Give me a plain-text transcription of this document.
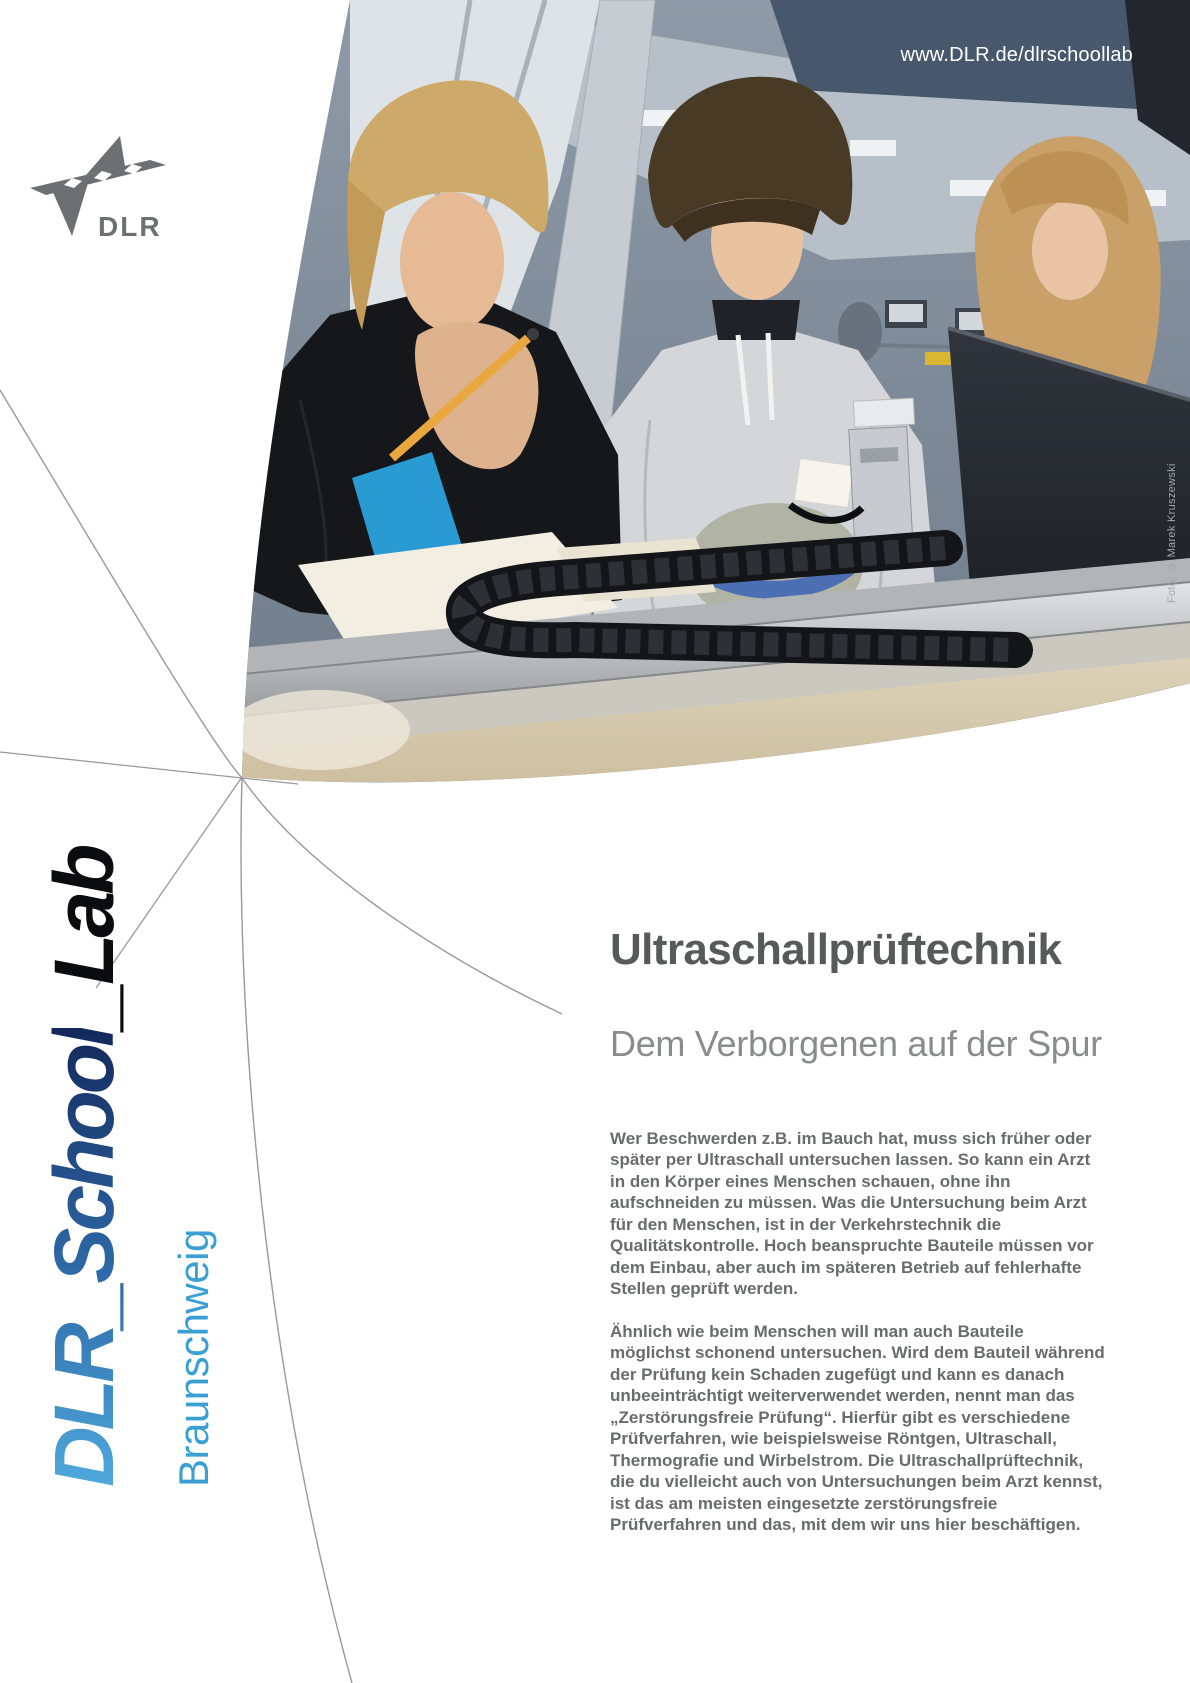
DLR
DLR_School_Lab
Braunschweig
www.DLR.de/dlrschoollab
Foto: © Marek Kruszewski
Ultraschallprüftechnik
Dem Verborgenen auf der Spur

Wer Beschwerden z.B. im Bauch hat, muss sich früher oder später per Ultraschall untersuchen lassen. So kann ein Arzt in den Körper eines Menschen schauen, ohne ihn aufschneiden zu müssen. Was die Untersuchung beim Arzt für den Menschen, ist in der Verkehrstechnik die Qualitätskontrolle. Hoch beanspruchte Bauteile müssen vor dem Einbau, aber auch im späteren Betrieb auf fehlerhafte Stellen geprüft werden.

Ähnlich wie beim Menschen will man auch Bauteile möglichst schonend untersuchen. Wird dem Bauteil während der Prüfung kein Schaden zugefügt und kann es danach unbeeinträchtigt weiterverwendet werden, nennt man das „Zerstörungsfreie Prüfung“. Hierfür gibt es verschiedene Prüfverfahren, wie beispielsweise Röntgen, Ultraschall, Thermografie und Wirbelstrom. Die Ultraschallprüftechnik, die du vielleicht auch von Untersuchungen beim Arzt kennst, ist das am meisten eingesetzte zerstörungsfreie Prüfverfahren und das, mit dem wir uns hier beschäftigen.
